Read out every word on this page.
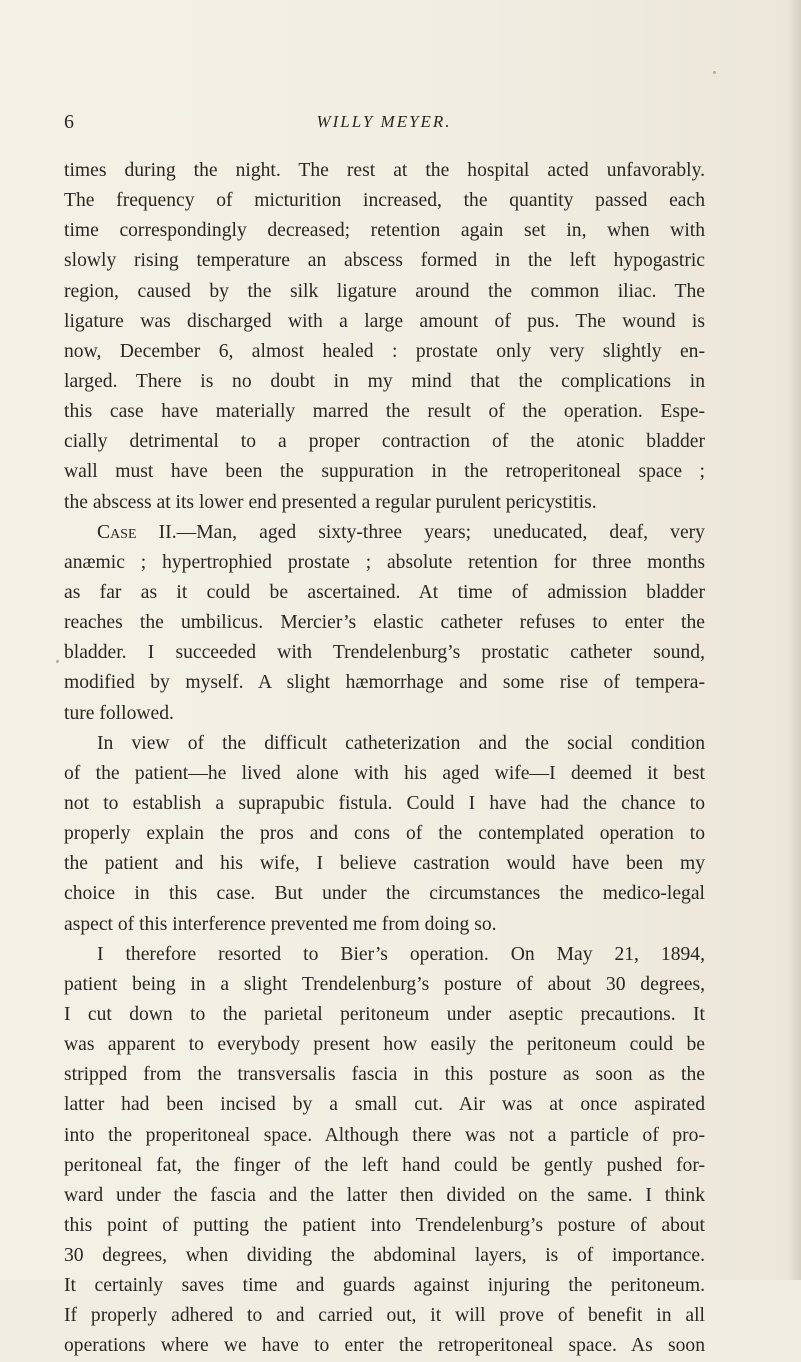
6	WILLY MEYER.
times during the night. The rest at the hospital acted unfavorably.
The frequency of micturition increased, the quantity passed each
time correspondingly decreased; retention again set in, when with
slowly rising temperature an abscess formed in the left hypogastric
region, caused by the silk ligature around the common iliac. The
ligature was discharged with a large amount of pus. The wound is
now, December 6, almost healed : prostate only very slightly en-
larged. There is no doubt in my mind that the complications in
this case have materially marred the result of the operation. Espe-
cially detrimental to a proper contraction of the atonic bladder
wall must have been the suppuration in the retroperitoneal space ;
the abscess at its lower end presented a regular purulent pericystitis.
Case II.—Man, aged sixty-three years; uneducated, deaf, very
anæmic ; hypertrophied prostate ; absolute retention for three months
as far as it could be ascertained. At time of admission bladder
reaches the umbilicus. Mercier’s elastic catheter refuses to enter the
bladder. I succeeded with Trendelenburg’s prostatic catheter sound,
modified by myself. A slight hæmorrhage and some rise of tempera-
ture followed.
In view of the difficult catheterization and the social condition
of the patient—he lived alone with his aged wife—I deemed it best
not to establish a suprapubic fistula. Could I have had the chance to
properly explain the pros and cons of the contemplated operation to
the patient and his wife, I believe castration would have been my
choice in this case. But under the circumstances the medico-legal
aspect of this interference prevented me from doing so.
I therefore resorted to Bier’s operation. On May 21, 1894,
patient being in a slight Trendelenburg’s posture of about 30 degrees,
I cut down to the parietal peritoneum under aseptic precautions. It
was apparent to everybody present how easily the peritoneum could be
stripped from the transversalis fascia in this posture as soon as the
latter had been incised by a small cut. Air was at once aspirated
into the properitoneal space. Although there was not a particle of pro-
peritoneal fat, the finger of the left hand could be gently pushed for-
ward under the fascia and the latter then divided on the same. I think
this point of putting the patient into Trendelenburg’s posture of about
30 degrees, when dividing the abdominal layers, is of importance.
It certainly saves time and guards against injuring the peritoneum.
If properly adhered to and carried out, it will prove of benefit in all
operations where we have to enter the retroperitoneal space. As soon
